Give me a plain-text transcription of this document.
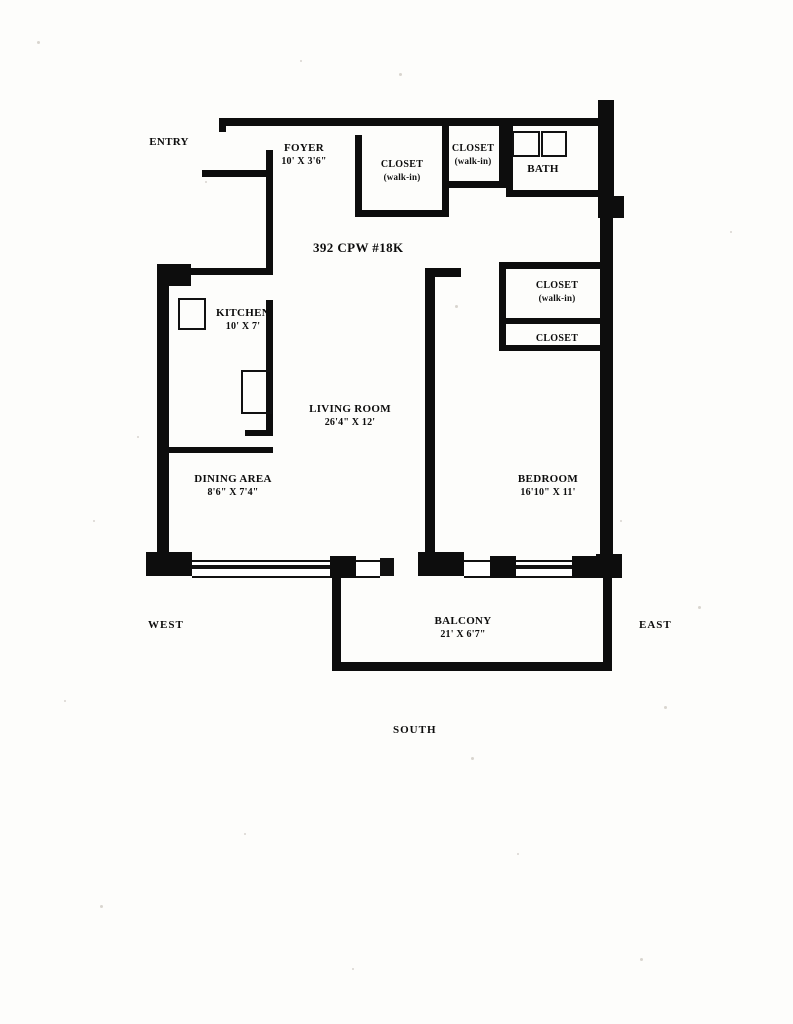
392 CPW #18K
ENTRY	FOYER
10' X 3'6"	CLOSET
(walk-in)
CLOSET
(walk-in)
BATH
KITCHEN
10' X 7'
LIVING ROOM
26'4" X 12'
DINING AREA
8'6" X 7'4"
CLOSET
(walk-in)
CLOSET
BEDROOM
16'10" X 11'
BALCONY
21' X 6'7"
WEST	EAST
SOUTH
